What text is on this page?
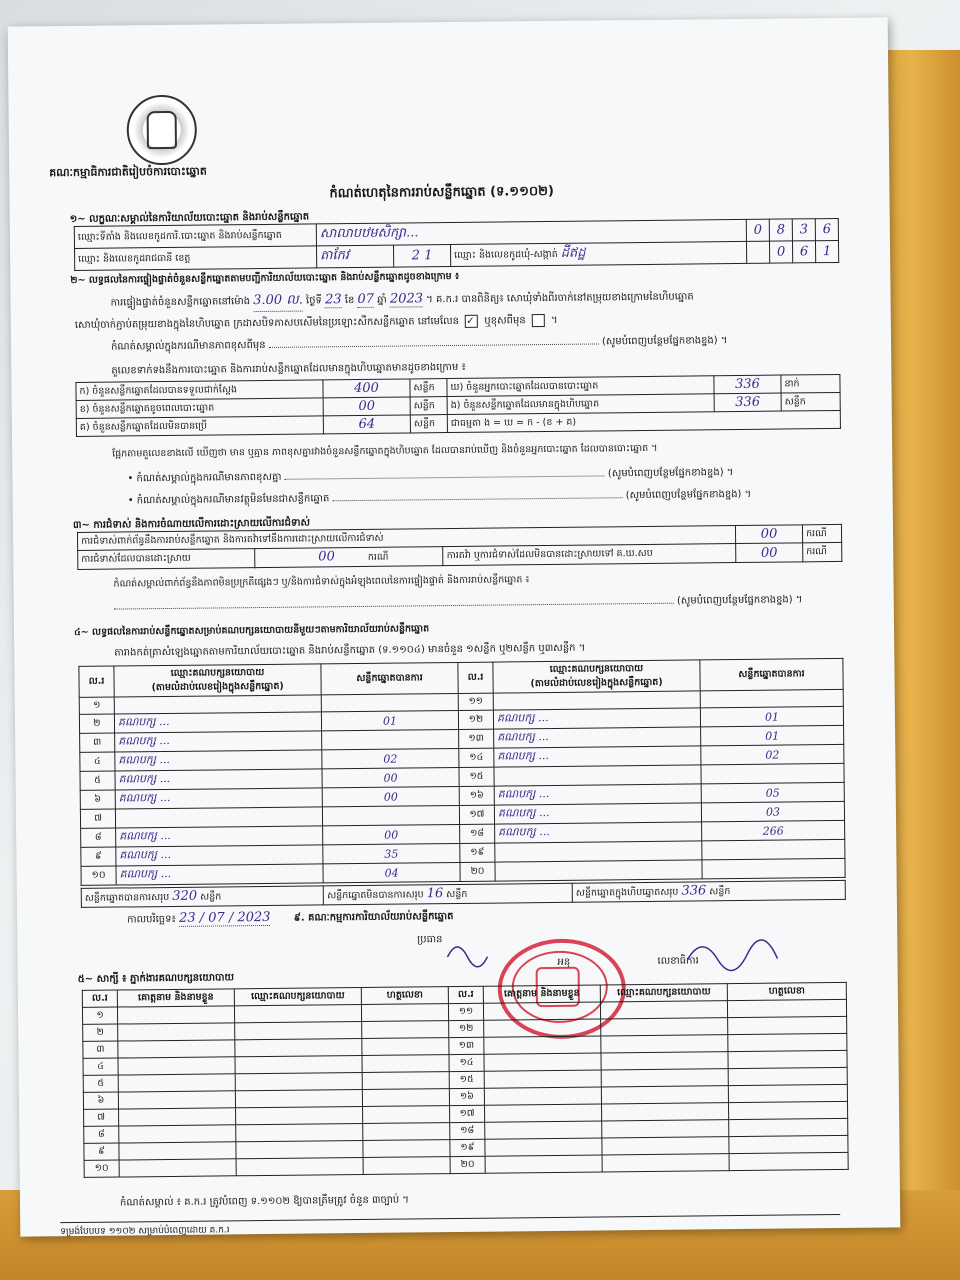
គណៈកម្មាធិការជាតិរៀបចំការបោះឆ្នោត
កំណត់ហេតុនៃការរាប់សន្លឹកឆ្នោត (ទ.១១០២)
១~ លក្ខណៈសម្គាល់នៃការិយាល័យបោះឆ្នោត និងរាប់សន្លឹកឆ្នោត
ឈ្មោះទីតាំង និងលេខកូដការិ.បោះឆ្នោត និងរាប់សន្លឹកឆ្នោត	សាលាបឋមសិក្សា...			0	8	3	6
ឈ្មោះ និងលេខកូដរាជធានី ខេត្ត	តាកែវ	2 1	ឈ្មោះ និងលេខកូដឃុំ-សង្កាត់ ដីឥដ្ឋ		0	6	1
២~ លទ្ធផលនៃការផ្ទៀងផ្ទាត់ចំនួនសន្លឹកឆ្នោតតាមបញ្ជីការិយាល័យបោះឆ្នោត និងរាប់សន្លឹកឆ្នោតដូចខាងក្រោម ៖
ការផ្ទៀងផ្ទាត់ចំនួនសន្លឹកឆ្នោតនៅម៉ោង 3.00 ល. ថ្ងៃទី 23 ខែ 07 ឆ្នាំ 2023 ។ គ.ក.រ បានពិនិត្យ៖ សោឃុំទាំងពីរចាក់នៅតម្រុយខាងក្រោមនៃហិបឆ្នោត
សោឃុំចាក់ភ្ជាប់តម្រុយខាងក្នុងនៃហិបឆ្នោត ក្រដាសបិទភាសបសើមនៃប្រឡោះសឺកសន្លឹកឆ្នោត នៅមេលែន ✓ ឬខុសពីមុន  ។
កំណត់សម្គាល់ក្នុងករណីមានភាពខុសពីមុន	(សូមបំពេញបន្ថែមផ្នែកខាងខ្នង) ។
តួលេខទាក់ទងនឹងការបោះឆ្នោត និងការរាប់សន្លឹកឆ្នោតដែលមានក្នុងហិបឆ្នោតមានដូចខាងក្រោម ៖
ក) ចំនួនសន្លឹកឆ្នោតដែលបានទទួលជាក់ស្តែង	400	សន្លឹក	ឃ) ចំនួនអ្នកបោះឆ្នោតដែលបានបោះឆ្នោត	336	នាក់
ខ) ចំនួនសន្លឹកឆ្នោតខូចពេលបោះឆ្នោត	00	សន្លឹក	ង) ចំនួនសន្លឹកឆ្នោតដែលមានក្នុងហិបឆ្នោត	336	សន្លឹក
គ) ចំនួនសន្លឹកឆ្នោតដែលមិនបានប្រើ	64	សន្លឹក	ជាធម្មតា ង = ឃ = ក - (ខ + គ)		
ផ្អែកតាមតួលេខខាងលើ ឃើញថា មាន ឬគ្មាន ភាពខុសគ្នារវាងចំនួនសន្លឹកឆ្នោតក្នុងហិបឆ្នោត ដែលបានរាប់ឃើញ និងចំនួនអ្នកបោះឆ្នោត ដែលបានបោះឆ្នោត ។
• កំណត់សម្គាល់ក្នុងករណីមានភាពខុសគ្នា	(សូមបំពេញបន្ថែមផ្នែកខាងខ្នង) ។
• កំណត់សម្គាល់ក្នុងករណីមានវត្ថុមិនមែនជាសន្លឹកឆ្នោត	(សូមបំពេញបន្ថែមផ្នែកខាងខ្នង) ។
៣~ ការជំទាស់ និងការចំណាយលើការដោះស្រាយលើការជំទាស់
ការជំទាស់ពាក់ព័ន្ធនឹងការរាប់សន្លឹកឆ្នោត និងការតវ៉ាទៅនឹងការដោះស្រាយលើការជំទាស់			00	ករណី
ការជំទាស់ដែលបានដោះស្រាយ	00 ករណី	ការតវ៉ា ឬការជំទាស់ដែលមិនបានដោះស្រាយទៅ គ.ឃ.សប	00	ករណី
កំណត់សម្គាល់ពាក់ព័ន្ធនឹងភាពមិនប្រក្រតីផ្សេងៗ ឬ/និងការជំទាស់ក្នុងអំឡុងពេលនៃការផ្ទៀងផ្ទាត់ និងការរាប់សន្លឹកឆ្នោត ៖
(សូមបំពេញបន្ថែមផ្នែកខាងខ្នង) ។
៤~ លទ្ធផលនៃការរាប់សន្លឹកឆ្នោតសម្រាប់គណបក្សនយោបាយនីមួយៗតាមការិយាល័យរាប់សន្លឹកឆ្នោត
តារាងកត់ត្រាសំឡេងឆ្នោតតាមការិយាល័យបោះឆ្នោត និងរាប់សន្លឹកឆ្នោត (ទ.១១០៤) មានចំនួន ១សន្លឹក ឬ២សន្លឹក ឬ៣សន្លឹក ។
ល.រ	ឈ្មោះគណបក្សនយោបាយ
(តាមលំដាប់លេខរៀងក្នុងសន្លឹកឆ្នោត)	សន្លឹកឆ្នោតបានការ	ល.រ	ឈ្មោះគណបក្សនយោបាយ
(តាមលំដាប់លេខរៀងក្នុងសន្លឹកឆ្នោត)	សន្លឹកឆ្នោតបានការ
១			១១		
២	គណបក្ស ...	01	១២	គណបក្ស ...	01
៣	គណបក្ស ...		១៣	គណបក្ស ...	01
៤	គណបក្ស ...	02	១៤	គណបក្ស ...	02
៥	គណបក្ស ...	00	១៥		
៦	គណបក្ស ...	00	១៦	គណបក្ស ...	05
៧			១៧	គណបក្ស ...	03
៨	គណបក្ស ...	00	១៨	គណបក្ស ...	266
៩	គណបក្ស ...	35	១៩		
១០	គណបក្ស ...	04	២០		
សន្លឹកឆ្នោតបានការសរុប 320 សន្លឹក	សន្លឹកឆ្នោតមិនបានការសរុប 16 សន្លឹក	សន្លឹកឆ្នោតក្នុងហិបឆ្នោតសរុប 336 សន្លឹក
កាលបរិច្ឆេទ៖ 23 / 07 / 2023 ៩. គណៈកម្មការការិយាល័យរាប់សន្លឹកឆ្នោត
ប្រធាន
អនុ	លេខាធិការ
៥~ សាក្សី ៖ ភ្នាក់ងារគណបក្សនយោបាយ
ល.រ	គោត្តនាម និងនាមខ្លួន	ឈ្មោះគណបក្សនយោបាយ	ហត្ថលេខា	ល.រ	គោត្តនាម និងនាមខ្លួន	ឈ្មោះគណបក្សនយោបាយ	ហត្ថលេខា
១				១១			
២				១២			
៣				១៣			
៤				១៤			
៥				១៥			
៦				១៦			
៧				១៧			
៨				១៨			
៩				១៩			
១០				២០			
កំណត់សម្គាល់ ៖ គ.ក.រ ត្រូវបំពេញ ទ.១១០២ ឱ្យបានត្រឹមត្រូវ ចំនួន ៣ច្បាប់ ។
ទម្រង់បែបបទ ១១០២ សម្រាប់បំពេញដោយ គ.ក.រ
